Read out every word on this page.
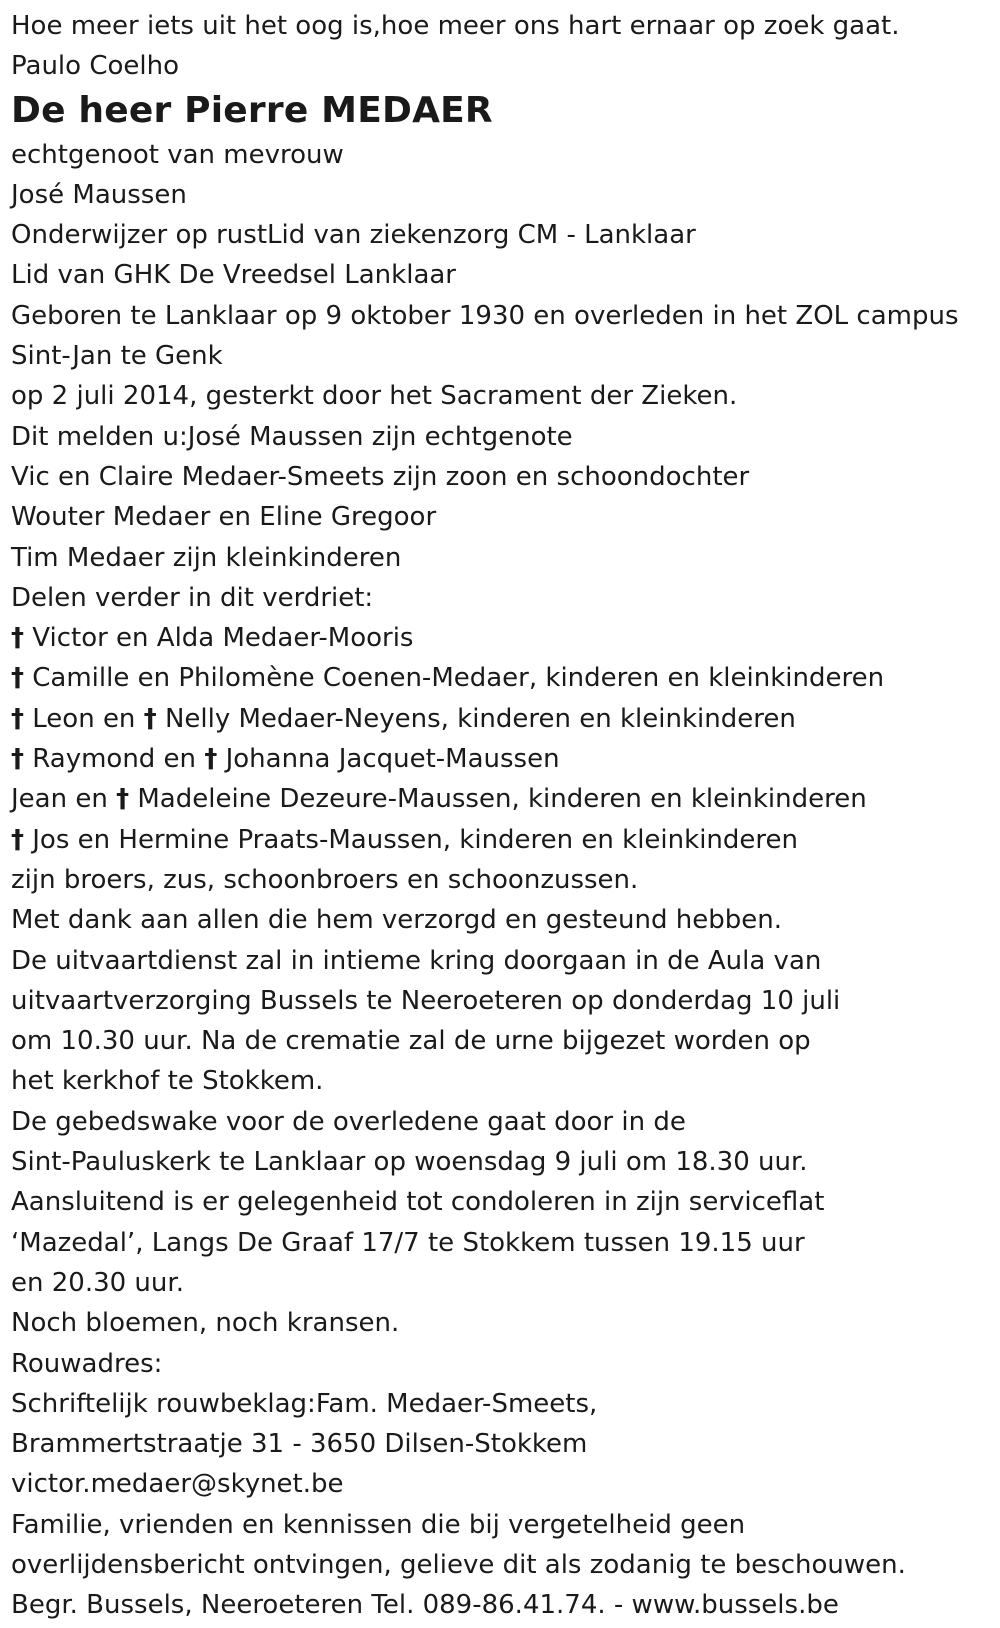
Hoe meer iets uit het oog is,hoe meer ons hart ernaar op zoek gaat.
Paulo Coelho
De heer Pierre MEDAER
echtgenoot van mevrouw
José Maussen
Onderwijzer op rustLid van ziekenzorg CM - Lanklaar
Lid van GHK De Vreedsel Lanklaar
Geboren te Lanklaar op 9 oktober 1930 en overleden in het ZOL campus
Sint-Jan te Genk
op 2 juli 2014, gesterkt door het Sacrament der Zieken.
Dit melden u:José Maussen zijn echtgenote
Vic en Claire Medaer-Smeets zijn zoon en schoondochter
Wouter Medaer en Eline Gregoor
Tim Medaer zijn kleinkinderen
Delen verder in dit verdriet:
† Victor en Alda Medaer-Mooris
† Camille en Philomène Coenen-Medaer, kinderen en kleinkinderen
† Leon en † Nelly Medaer-Neyens, kinderen en kleinkinderen
† Raymond en † Johanna Jacquet-Maussen
Jean en † Madeleine Dezeure-Maussen, kinderen en kleinkinderen
† Jos en Hermine Praats-Maussen, kinderen en kleinkinderen
zijn broers, zus, schoonbroers en schoonzussen.
Met dank aan allen die hem verzorgd en gesteund hebben.
De uitvaartdienst zal in intieme kring doorgaan in de Aula van
uitvaartverzorging Bussels te Neeroeteren op donderdag 10 juli
om 10.30 uur. Na de crematie zal de urne bijgezet worden op
het kerkhof te Stokkem.
De gebedswake voor de overledene gaat door in de
Sint-Pauluskerk te Lanklaar op woensdag 9 juli om 18.30 uur.
Aansluitend is er gelegenheid tot condoleren in zijn serviceflat
‘Mazedal’, Langs De Graaf 17/7 te Stokkem tussen 19.15 uur
en 20.30 uur.
Noch bloemen, noch kransen.
Rouwadres:
Schriftelijk rouwbeklag:Fam. Medaer-Smeets,
Brammertstraatje 31 - 3650 Dilsen-Stokkem
victor.medaer@skynet.be
Familie, vrienden en kennissen die bij vergetelheid geen
overlijdensbericht ontvingen, gelieve dit als zodanig te beschouwen.
Begr. Bussels, Neeroeteren Tel. 089-86.41.74. - www.bussels.be
